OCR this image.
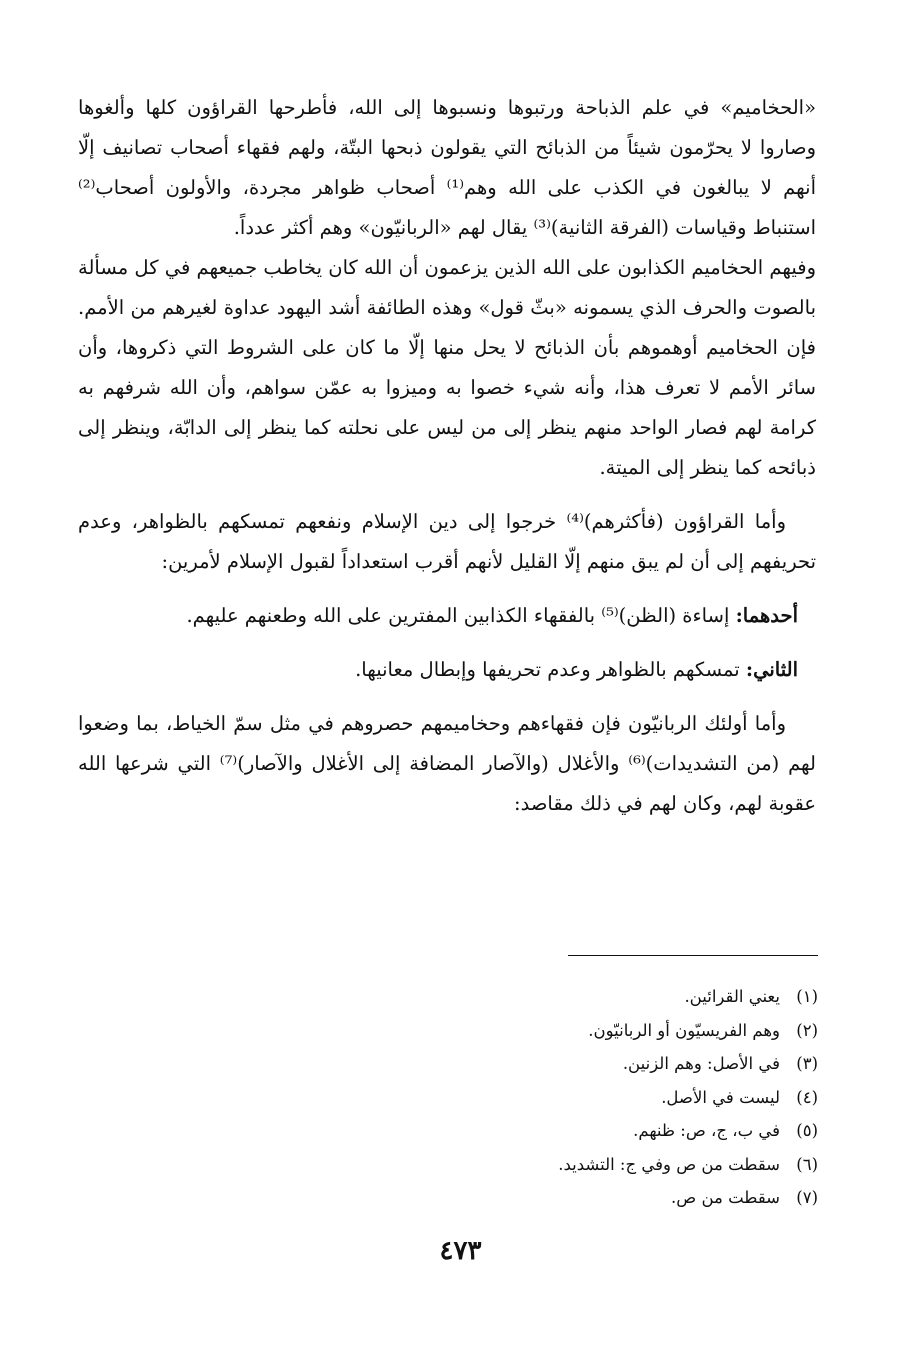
«الحخاميم» في علم الذباحة ورتبوها ونسبوها إلى الله، فأطرحها القراؤون كلها وألغوها وصاروا لا يحرّمون شيئاً من الذبائح التي يقولون ذبحها البتّة، ولهم فقهاء أصحاب تصانيف إلّا أنهم لا يبالغون في الكذب على الله وهم⁽¹⁾ أصحاب ظواهر مجردة، والأولون أصحاب⁽²⁾ استنباط وقياسات (الفرقة الثانية)⁽³⁾ يقال لهم «الربانيّون» وهم أكثر عدداً.

وفيهم الحخاميم الكذابون على الله الذين يزعمون أن الله كان يخاطب جميعهم في كل مسألة بالصوت والحرف الذي يسمونه «بثّ قول» وهذه الطائفة أشد اليهود عداوة لغيرهم من الأمم. فإن الحخاميم أوهموهم بأن الذبائح لا يحل منها إلّا ما كان على الشروط التي ذكروها، وأن سائر الأمم لا تعرف هذا، وأنه شيء خصوا به وميزوا به عمّن سواهم، وأن الله شرفهم به كرامة لهم فصار الواحد منهم ينظر إلى من ليس على نحلته كما ينظر إلى الدابّة، وينظر إلى ذبائحه كما ينظر إلى الميتة.

وأما القراؤون (فأكثرهم)⁽⁴⁾ خرجوا إلى دين الإسلام ونفعهم تمسكهم بالظواهر، وعدم تحريفهم إلى أن لم يبق منهم إلّا القليل لأنهم أقرب استعداداً لقبول الإسلام لأمرين:

أحدهما: إساءة (الظن)⁽⁵⁾ بالفقهاء الكذابين المفترين على الله وطعنهم عليهم.

الثاني: تمسكهم بالظواهر وعدم تحريفها وإبطال معانيها.

وأما أولئك الربانيّون فإن فقهاءهم وحخاميمهم حصروهم في مثل سمّ الخياط، بما وضعوا لهم (من التشديدات)⁽⁶⁾ والأغلال (والآصار المضافة إلى الأغلال والآصار)⁽⁷⁾ التي شرعها الله عقوبة لهم، وكان لهم في ذلك مقاصد:

(١)
يعني القرائين.
(٢)
وهم الفريسيّون أو الربانيّون.
(٣)
في الأصل: وهم الزنين.
(٤)
ليست في الأصل.
(٥)
في ب، ج، ص: ظنهم.
(٦)
سقطت من ص وفي ج: التشديد.
(٧)
سقطت من ص.
٤٧٣
